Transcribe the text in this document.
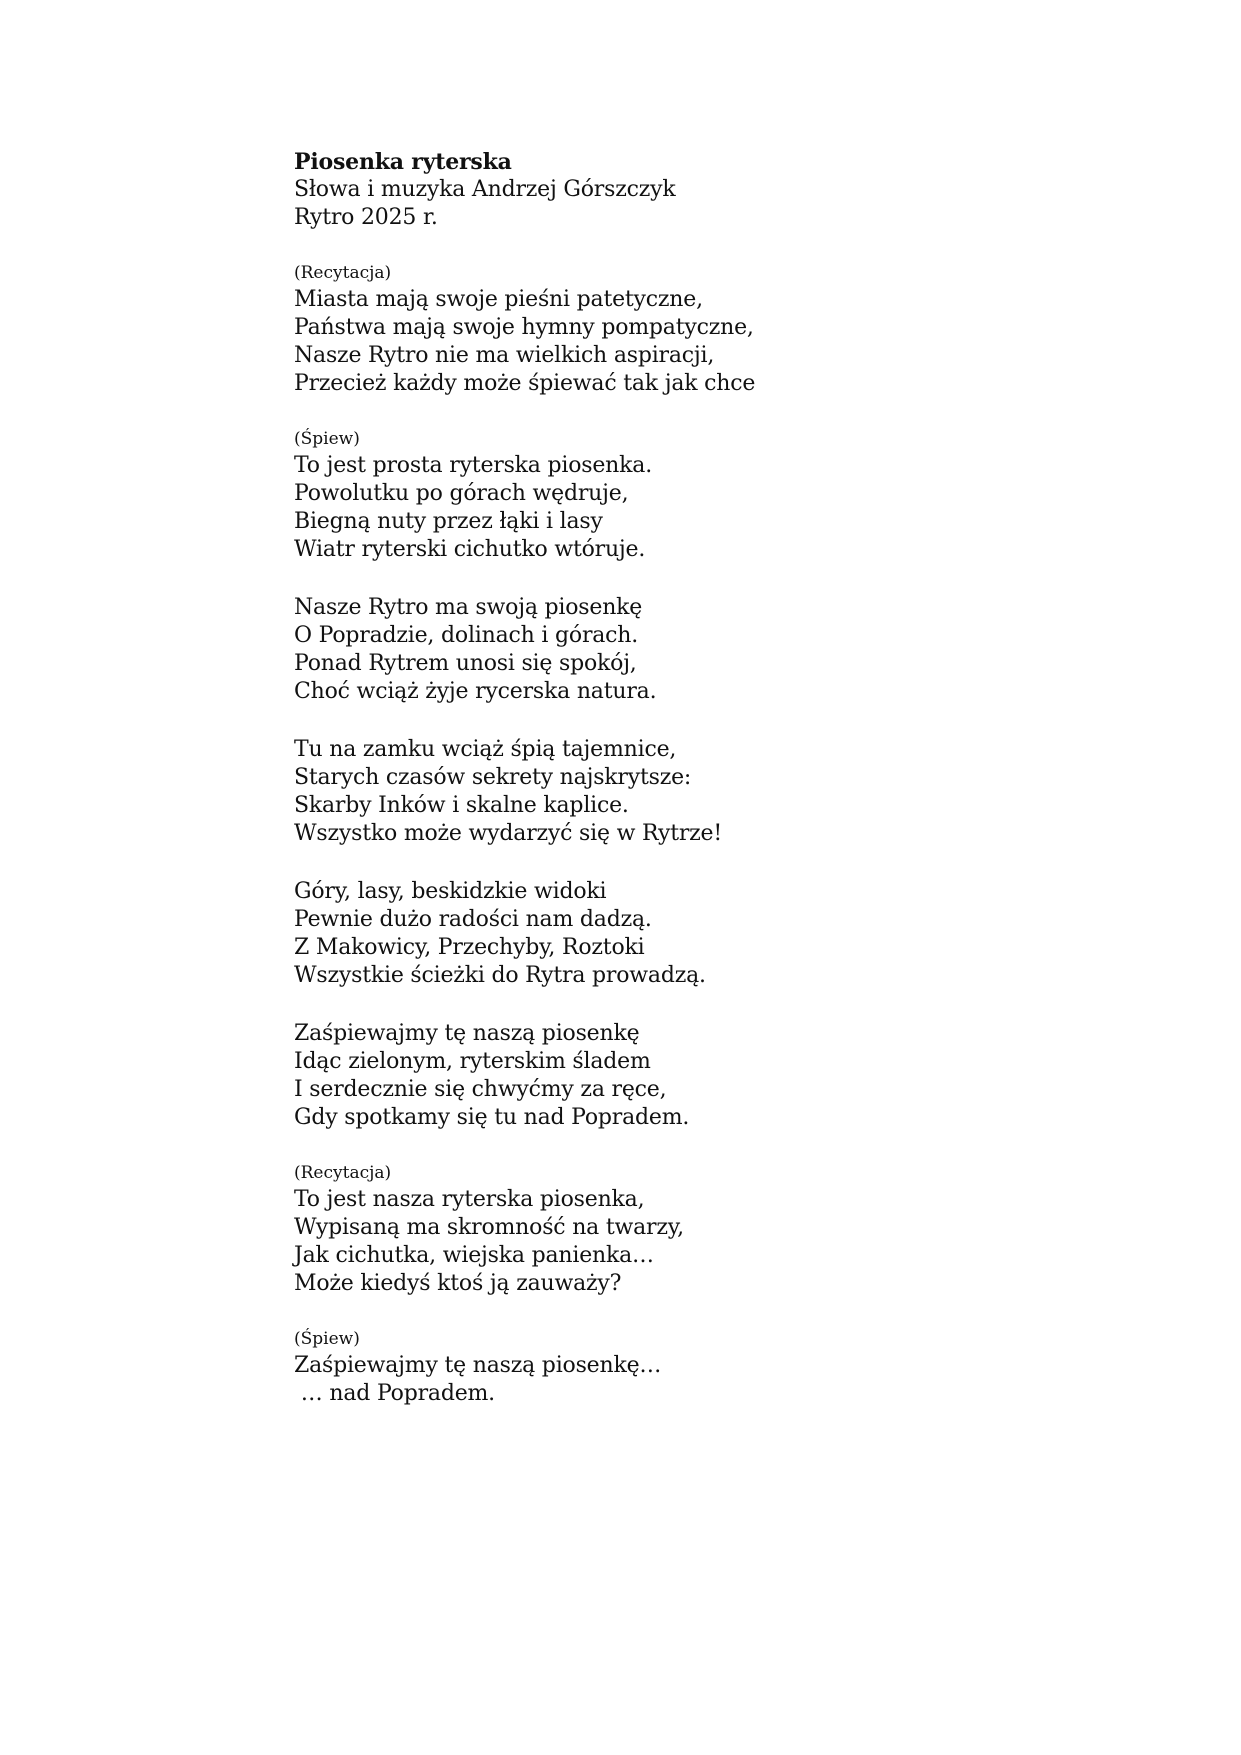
Piosenka ryterska
Słowa i muzyka Andrzej Górszczyk
Rytro 2025 r.
(Recytacja)
Miasta mają swoje pieśni patetyczne,
Państwa mają swoje hymny pompatyczne,
Nasze Rytro nie ma wielkich aspiracji,
Przecież każdy może śpiewać tak jak chce
(Śpiew)
To jest prosta ryterska piosenka.
Powolutku po górach wędruje,
Biegną nuty przez łąki i lasy
Wiatr ryterski cichutko wtóruje.
Nasze Rytro ma swoją piosenkę
O Popradzie, dolinach i górach.
Ponad Rytrem unosi się spokój,
Choć wciąż żyje rycerska natura.
Tu na zamku wciąż śpią tajemnice,
Starych czasów sekrety najskrytsze:
Skarby Inków i skalne kaplice.
Wszystko może wydarzyć się w Rytrze!
Góry, lasy, beskidzkie widoki
Pewnie dużo radości nam dadzą.
Z Makowicy, Przechyby, Roztoki
Wszystkie ścieżki do Rytra prowadzą.
Zaśpiewajmy tę naszą piosenkę
Idąc zielonym, ryterskim śladem
I serdecznie się chwyćmy za ręce,
Gdy spotkamy się tu nad Popradem.
(Recytacja)
To jest nasza ryterska piosenka,
Wypisaną ma skromność na twarzy,
Jak cichutka, wiejska panienka…
Może kiedyś ktoś ją zauważy?
(Śpiew)
Zaśpiewajmy tę naszą piosenkę…
… nad Popradem.
